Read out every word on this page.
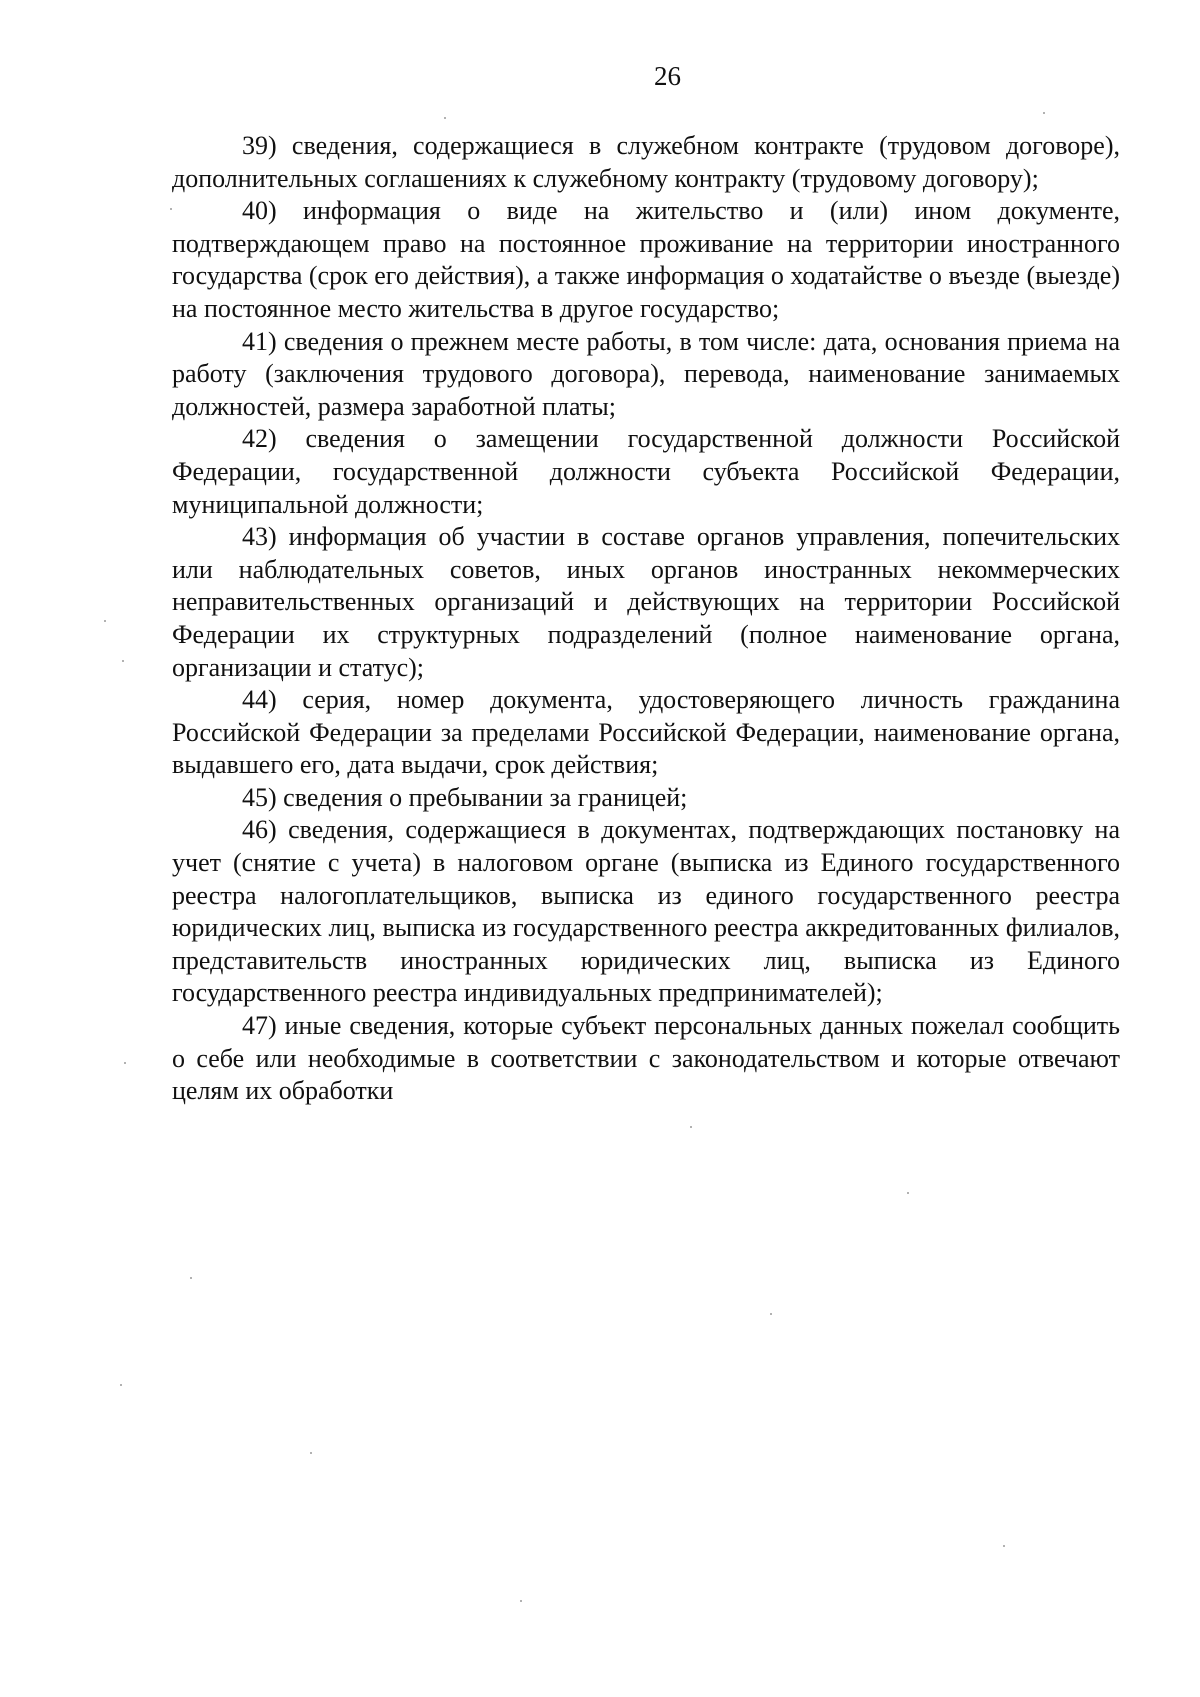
26

39) сведения, содержащиеся в служебном контракте (трудовом договоре), дополнительных соглашениях к служебному контракту (трудовому договору);

40) информация о виде на жительство и (или) ином документе, подтверждающем право на постоянное проживание на территории иностранного государства (срок его действия), а также информация о ходатайстве о въезде (выезде) на постоянное место жительства в другое государство;

41) сведения о прежнем месте работы, в том числе: дата, основания приема на работу (заключения трудового договора), перевода, наименование занимаемых должностей, размера заработной платы;

42) сведения о замещении государственной должности Российской Федерации, государственной должности субъекта Российской Федерации, муниципальной должности;

43) информация об участии в составе органов управления, попечительских или наблюдательных советов, иных органов иностранных некоммерческих неправительственных организаций и действующих на территории Российской Федерации их структурных подразделений (полное наименование органа, организации и статус);

44) серия, номер документа, удостоверяющего личность гражданина Российской Федерации за пределами Российской Федерации, наименование органа, выдавшего его, дата выдачи, срок действия;

45) сведения о пребывании за границей;

46) сведения, содержащиеся в документах, подтверждающих постановку на учет (снятие с учета) в налоговом органе (выписка из Единого государственного реестра налогоплательщиков, выписка из единого государственного реестра юридических лиц, выписка из государственного реестра аккредитованных филиалов, представительств иностранных юридических лиц, выписка из Единого государственного реестра индивидуальных предпринимателей);

47) иные сведения, которые субъект персональных данных пожелал сообщить о себе или необходимые в соответствии с законодательством и которые отвечают целям их обработки
